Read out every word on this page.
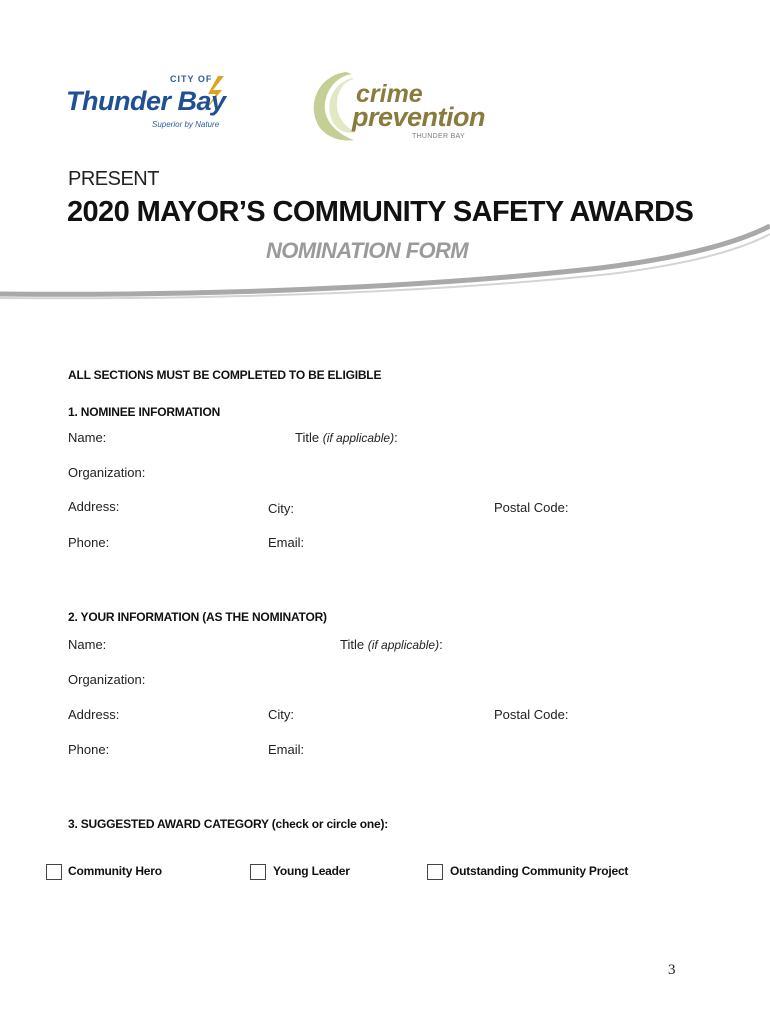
CITY OF
Thunder Bay
Superior by Nature
crime
prevention
THUNDER BAY
PRESENT
2020 MAYOR’S COMMUNITY SAFETY AWARDS
NOMINATION FORM
ALL SECTIONS MUST BE COMPLETED TO BE ELIGIBLE
1. NOMINEE INFORMATION
Name:	Title (if applicable):
Organization:
Address:	City:	Postal Code:
Phone:	Email:
2. YOUR INFORMATION (AS THE NOMINATOR)
Name:	Title (if applicable):
Organization:
Address:	City:	Postal Code:
Phone:	Email:
3. SUGGESTED AWARD CATEGORY (check or circle one):
Community Hero	Young Leader	Outstanding Community Project
3
